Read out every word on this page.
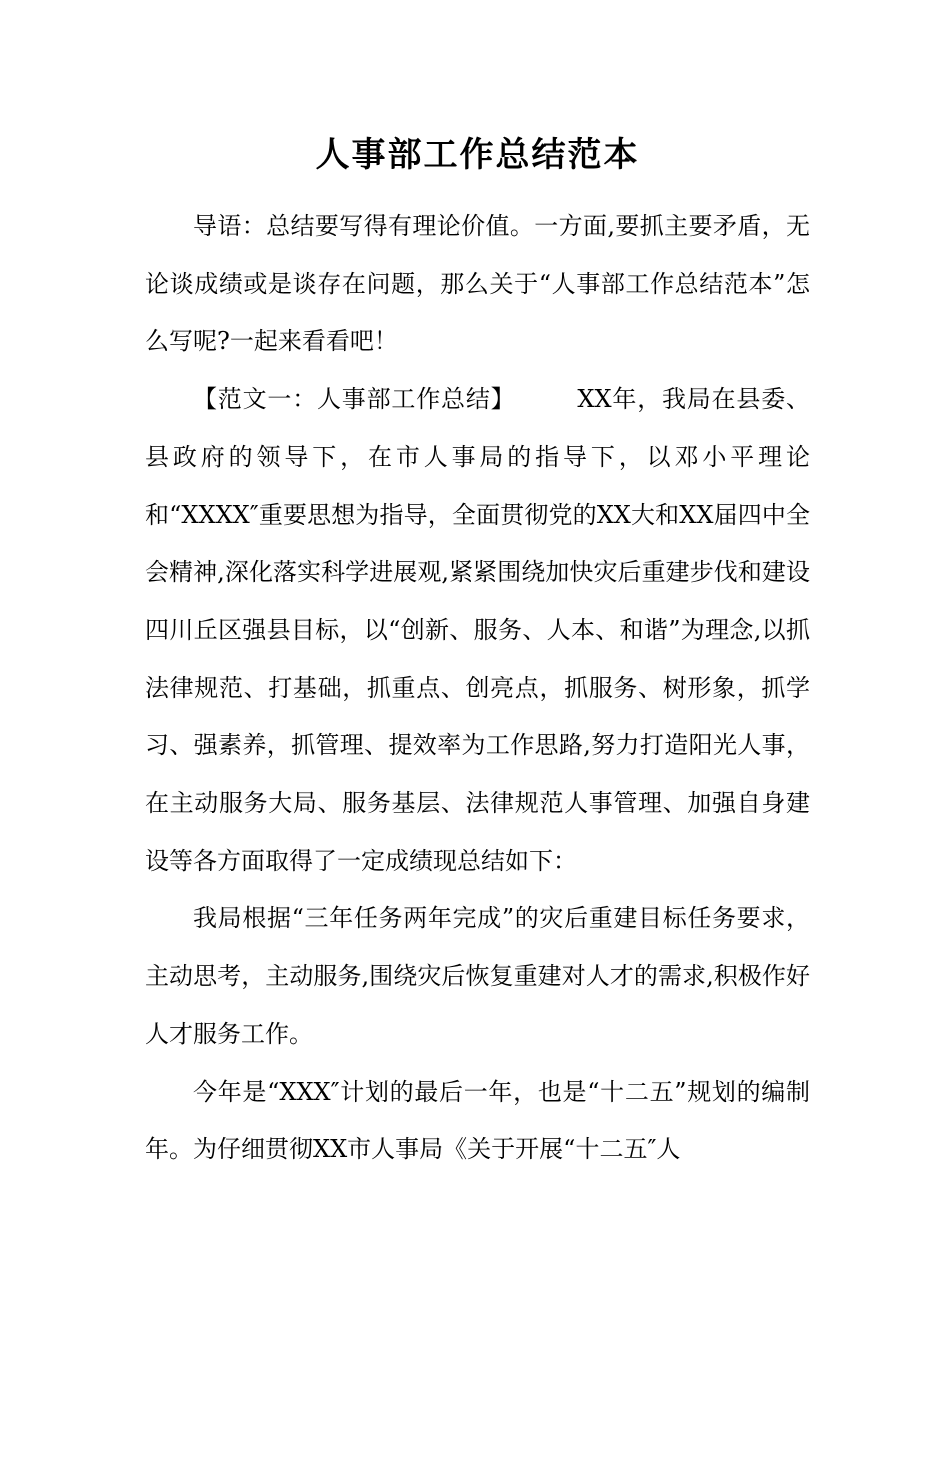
人事部工作总结范本

导语：总结要写得有理论价值。一方面,要抓主要矛盾，无论谈成绩或是谈存在问题，那么关于“人事部工作总结范本”怎么写呢?一起来看看吧！

【范文一：人事部工作总结】	XX年，我局在县委、县政府的领导下，在市人事局的指导下，以邓小平理论和“XXXX″重要思想为指导，全面贯彻党的XX大和XX届四中全会精神,深化落实科学进展观,紧紧围绕加快灾后重建步伐和建设四川丘区强县目标，以“创新、服务、人本、和谐”为理念,以抓法律规范、打基础，抓重点、创亮点，抓服务、树形象，抓学习、强素养，抓管理、提效率为工作思路,努力打造阳光人事，在主动服务大局、服务基层、法律规范人事管理、加强自身建设等各方面取得了一定成绩现总结如下：

我局根据“三年任务两年完成”的灾后重建目标任务要求，主动思考，主动服务,围绕灾后恢复重建对人才的需求,积极作好人才服务工作。

今年是“XXX″计划的最后一年，也是“十二五”规划的编制年。为仔细贯彻XX市人事局《关于开展“十二五″人
